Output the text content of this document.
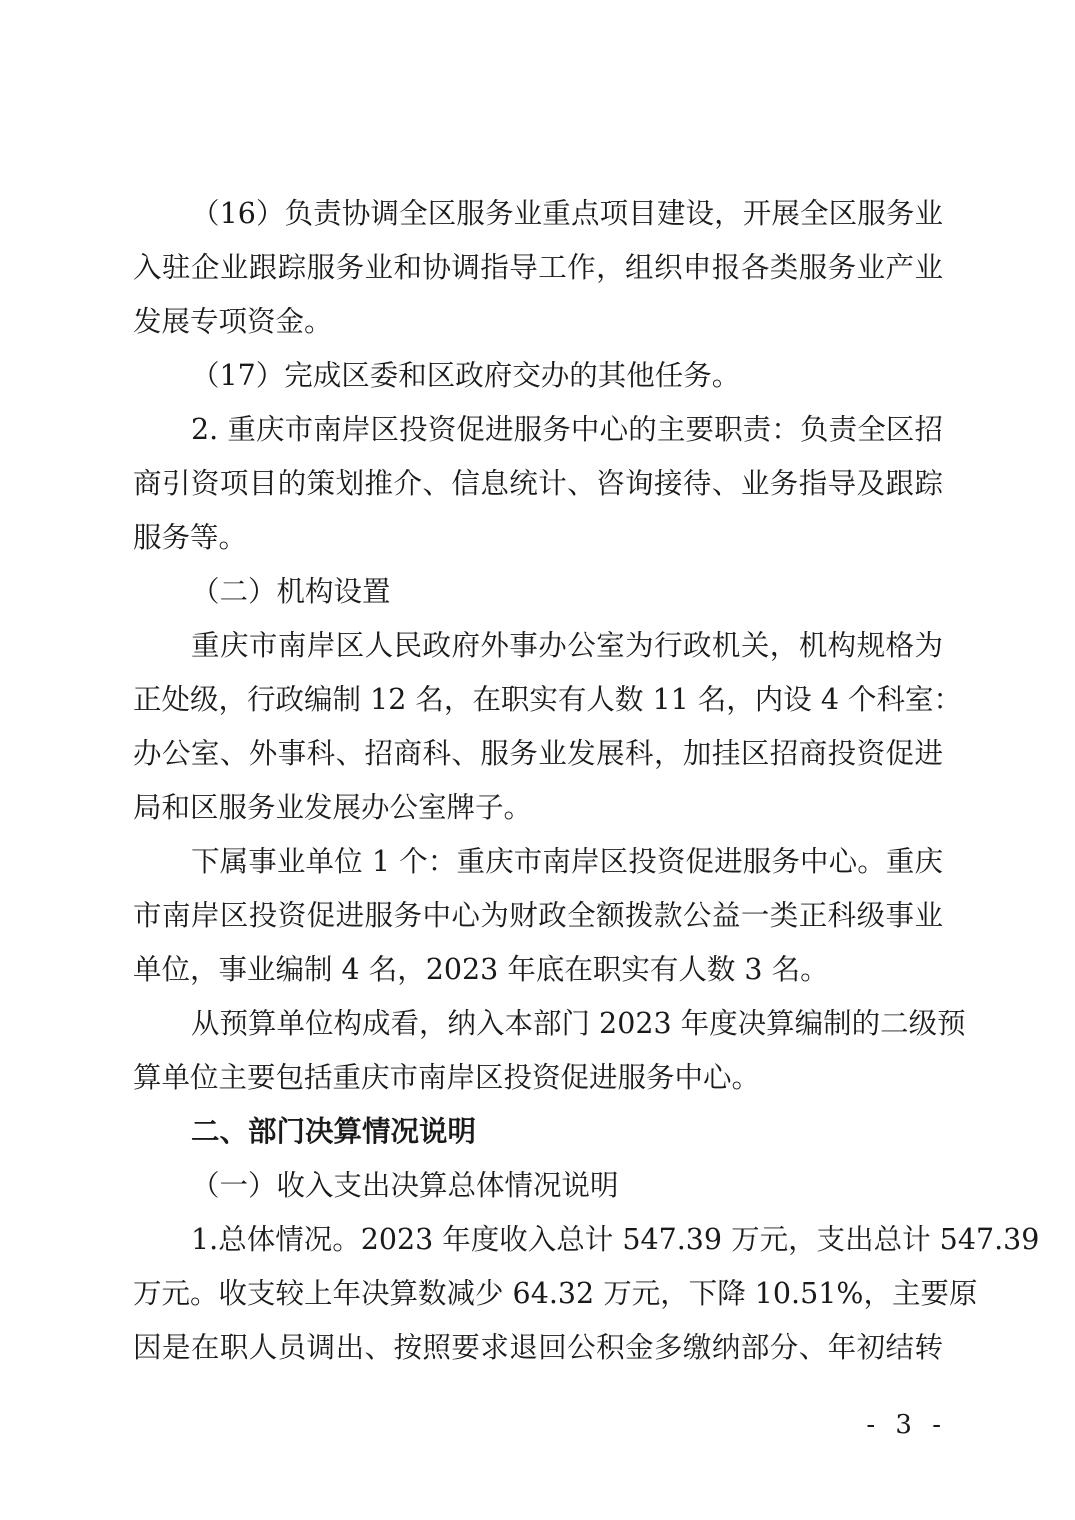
（16）负责协调全区服务业重点项目建设，开展全区服务业
入驻企业跟踪服务业和协调指导工作，组织申报各类服务业产业
发展专项资金。
（17）完成区委和区政府交办的其他任务。
2. 重庆市南岸区投资促进服务中心的主要职责：负责全区招
商引资项目的策划推介、信息统计、咨询接待、业务指导及跟踪
服务等。
（二）机构设置
重庆市南岸区人民政府外事办公室为行政机关，机构规格为
正处级，行政编制 12 名，在职实有人数 11 名，内设 4 个科室：
办公室、外事科、招商科、服务业发展科，加挂区招商投资促进
局和区服务业发展办公室牌子。
下属事业单位 1 个：重庆市南岸区投资促进服务中心。重庆
市南岸区投资促进服务中心为财政全额拨款公益一类正科级事业
单位，事业编制 4 名，2023 年底在职实有人数 3 名。
从预算单位构成看，纳入本部门 2023 年度决算编制的二级预
算单位主要包括重庆市南岸区投资促进服务中心。
二、部门决算情况说明
（一）收入支出决算总体情况说明
1.总体情况。2023 年度收入总计 547.39 万元，支出总计 547.39
万元。收支较上年决算数减少 64.32 万元，下降 10.51%，主要原
因是在职人员调出、按照要求退回公积金多缴纳部分、年初结转
- 3 -
